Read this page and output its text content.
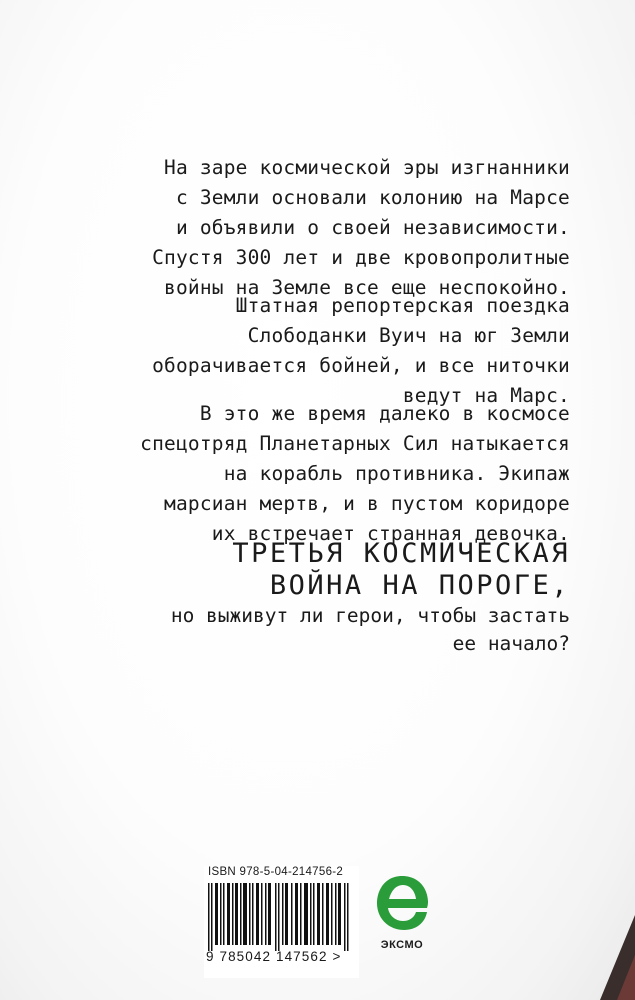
На заре космической эры изгнанники
с Земли основали колонию на Марсе
и объявили о своей независимости.
Спустя 300 лет и две кровопролитные
войны на Земле все еще неспокойно.
Штатная репортерская поездка
Слободанки Вуич на юг Земли
оборачивается бойней, и все ниточки
ведут на Марс.
В это же время далеко в космосе
спецотряд Планетарных Сил натыкается
на корабль противника. Экипаж
марсиан мертв, и в пустом коридоре
их встречает странная девочка.
ТРЕТЬЯ КОСМИЧЕСКАЯ
ВОЙНА НА ПОРОГЕ,
но выживут ли герои, чтобы застать
ее начало?
ISBN 978-5-04-214756-2
9 785042 147562 >
ЭКСМО
